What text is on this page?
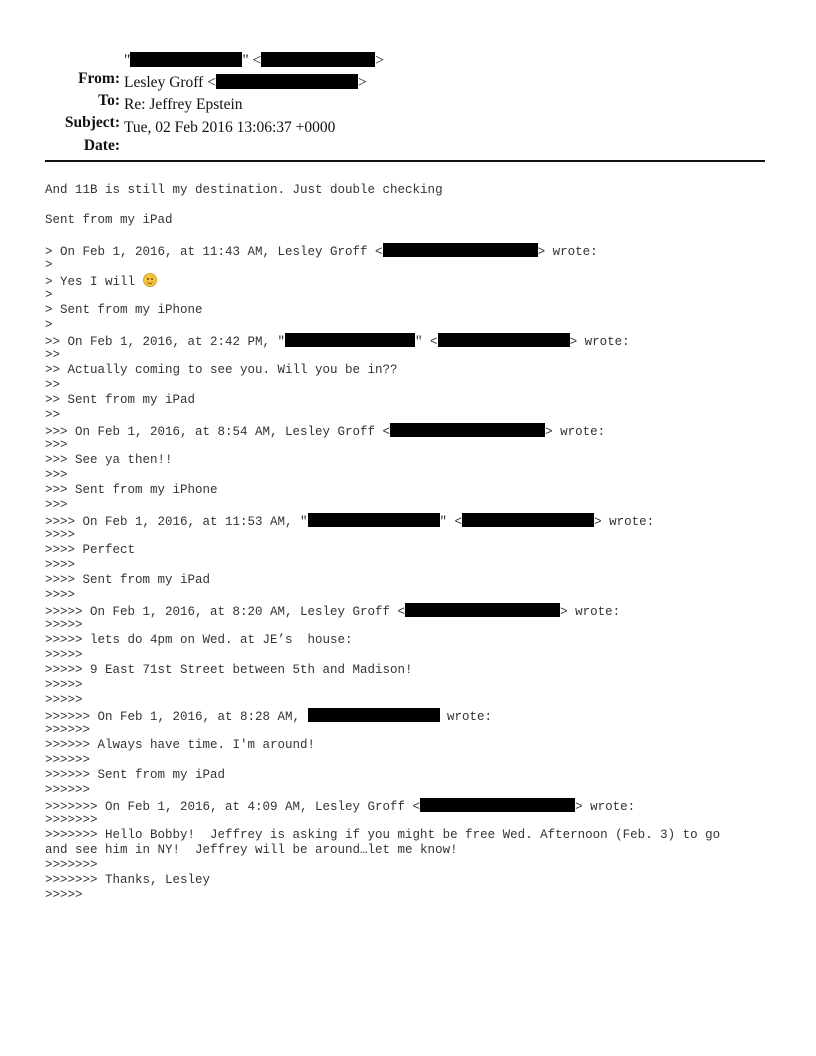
From:

"	" <	>

To:

Lesley Groff <	>

Subject:

Re: Jeffrey Epstein

Date:

Tue, 02 Feb 2016 13:06:37 +0000

And 11B is still my destination. Just double checking

Sent from my iPad

> On Feb 1, 2016, at 11:43 AM, Lesley Groff <	> wrote:

>

> Yes I will

>

> Sent from my iPhone

>

>> On Feb 1, 2016, at 2:42 PM, "	" <	> wrote:

>>

>> Actually coming to see you. Will you be in??

>>

>> Sent from my iPad

>>

>>> On Feb 1, 2016, at 8:54 AM, Lesley Groff <	> wrote:

>>>

>>> See ya then!!

>>>

>>> Sent from my iPhone

>>>

>>>> On Feb 1, 2016, at 11:53 AM, "	" <	> wrote:

>>>>

>>>> Perfect

>>>>

>>>> Sent from my iPad

>>>>

>>>>> On Feb 1, 2016, at 8:20 AM, Lesley Groff <	> wrote:

>>>>>

>>>>> lets do 4pm on Wed. at JE’s  house:

>>>>>

>>>>> 9 East 71st Street between 5th and Madison!

>>>>>

>>>>>

>>>>>> On Feb 1, 2016, at 8:28 AM,	wrote:

>>>>>>

>>>>>> Always have time. I'm around!

>>>>>>

>>>>>> Sent from my iPad

>>>>>>

>>>>>>> On Feb 1, 2016, at 4:09 AM, Lesley Groff <	> wrote:

>>>>>>>

>>>>>>> Hello Bobby!  Jeffrey is asking if you might be free Wed. Afternoon (Feb. 3) to go

and see him in NY!  Jeffrey will be around…let me know!

>>>>>>>

>>>>>>> Thanks, Lesley

>>>>>
